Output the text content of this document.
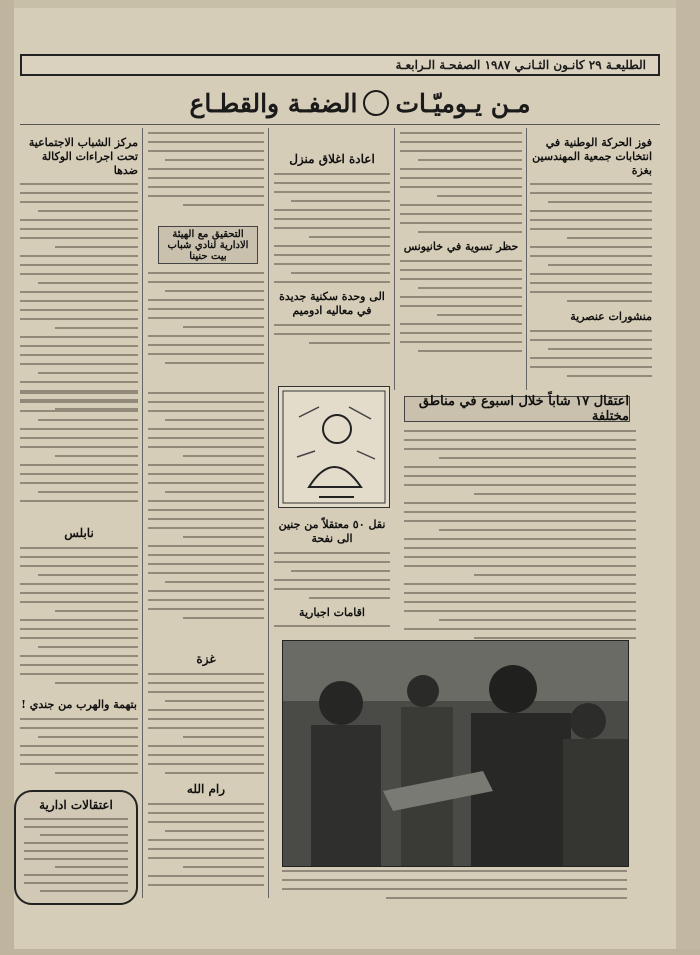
الطليعـة ۲۹ كانـون الثـانـي ۱۹۸۷ الصفحـة الـرابعـة
مـن يـوميّـات
الضفـة والقطـاع
فوز الحركة الوطنية في انتخابات جمعية المهندسين بغزة
منشورات عنصرية
حظر تسوية في خانيونس
اعادة اغلاق منزل
الى وحدة سكنية جديدة في معاليه ادوميم
التحقيق مع الهيئة الادارية لنادي شباب بيت حنينا
مركز الشباب الاجتماعية تحت اجراءات الوكالة ضدها
اعتقال ۱۷ شاباً خلال اسبوع في مناطق مختلفة
نقل ٥٠ معتقلاً من جنين الى نفحة
اقامات اجبارية
نابلس
بتهمة والهرب من جندي !
اعتقالات ادارية
غزة
رام الله
